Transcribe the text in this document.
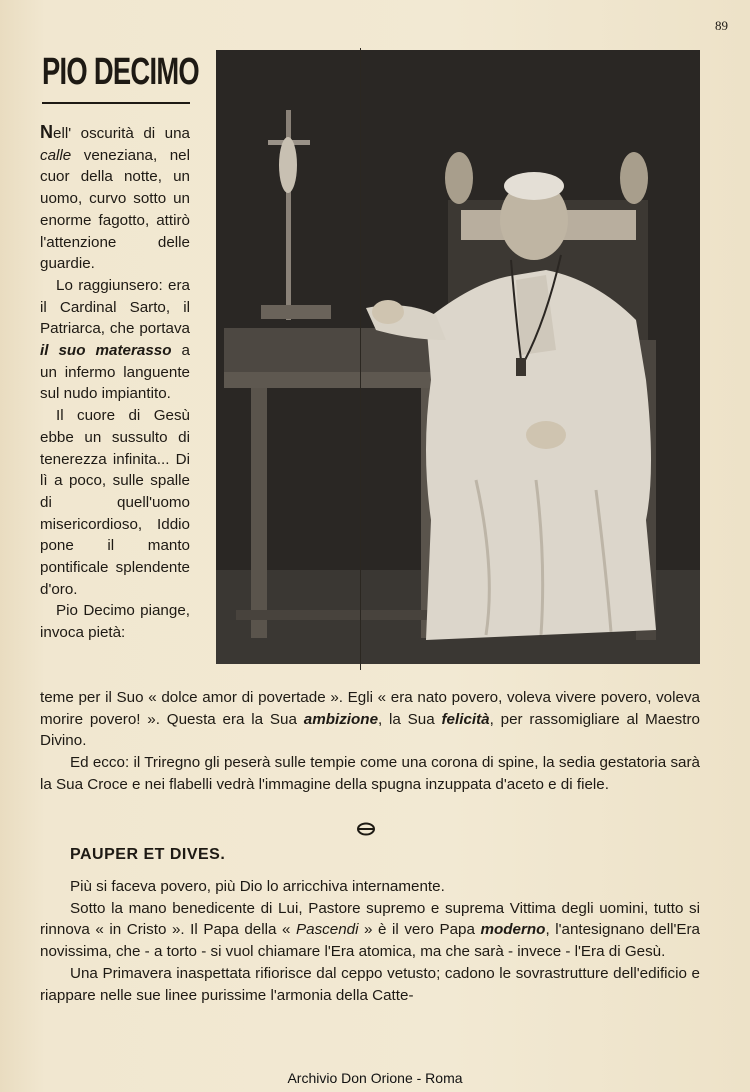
89
PIO DECIMO

Nell' oscurità di una calle veneziana, nel cuor della notte, un uomo, curvo sotto un enorme fagotto, attirò l'attenzione delle guardie.

Lo raggiunsero: era il Cardinal Sarto, il Patriarca, che portava il suo materasso a un infermo languente sul nudo impiantito.

Il cuore di Gesù ebbe un sussulto di tenerezza infinita... Di lì a poco, sulle spalle di quell'uomo misericordioso, Iddio pone il manto pontificale splendente d'oro.

Pio Decimo piange, invoca pietà:

teme per il Suo « dolce amor di povertade ». Egli « era nato povero, voleva vivere povero, voleva morire povero! ». Questa era la Sua ambizione, la Sua felicità, per rassomigliare al Maestro Divino.

Ed ecco: il Triregno gli peserà sulle tempie come una corona di spine, la sedia gestatoria sarà la Sua Croce e nei flabelli vedrà l'immagine della spugna inzuppata d'aceto e di fiele.

PAUPER ET DIVES.

Più si faceva povero, più Dio lo arricchiva internamente.

Sotto la mano benedicente di Lui, Pastore supremo e suprema Vittima degli uomini, tutto si rinnova « in Cristo ». Il Papa della « Pascendi » è il vero Papa moderno, l'antesignano dell'Era novissima, che - a torto - si vuol chiamare l'Era atomica, ma che sarà - invece - l'Era di Gesù.

Una Primavera inaspettata rifiorisce dal ceppo vetusto; cadono le sovrastrutture dell'edificio e riappare nelle sue linee purissime l'armonia della Catte-

Archivio Don Orione - Roma
